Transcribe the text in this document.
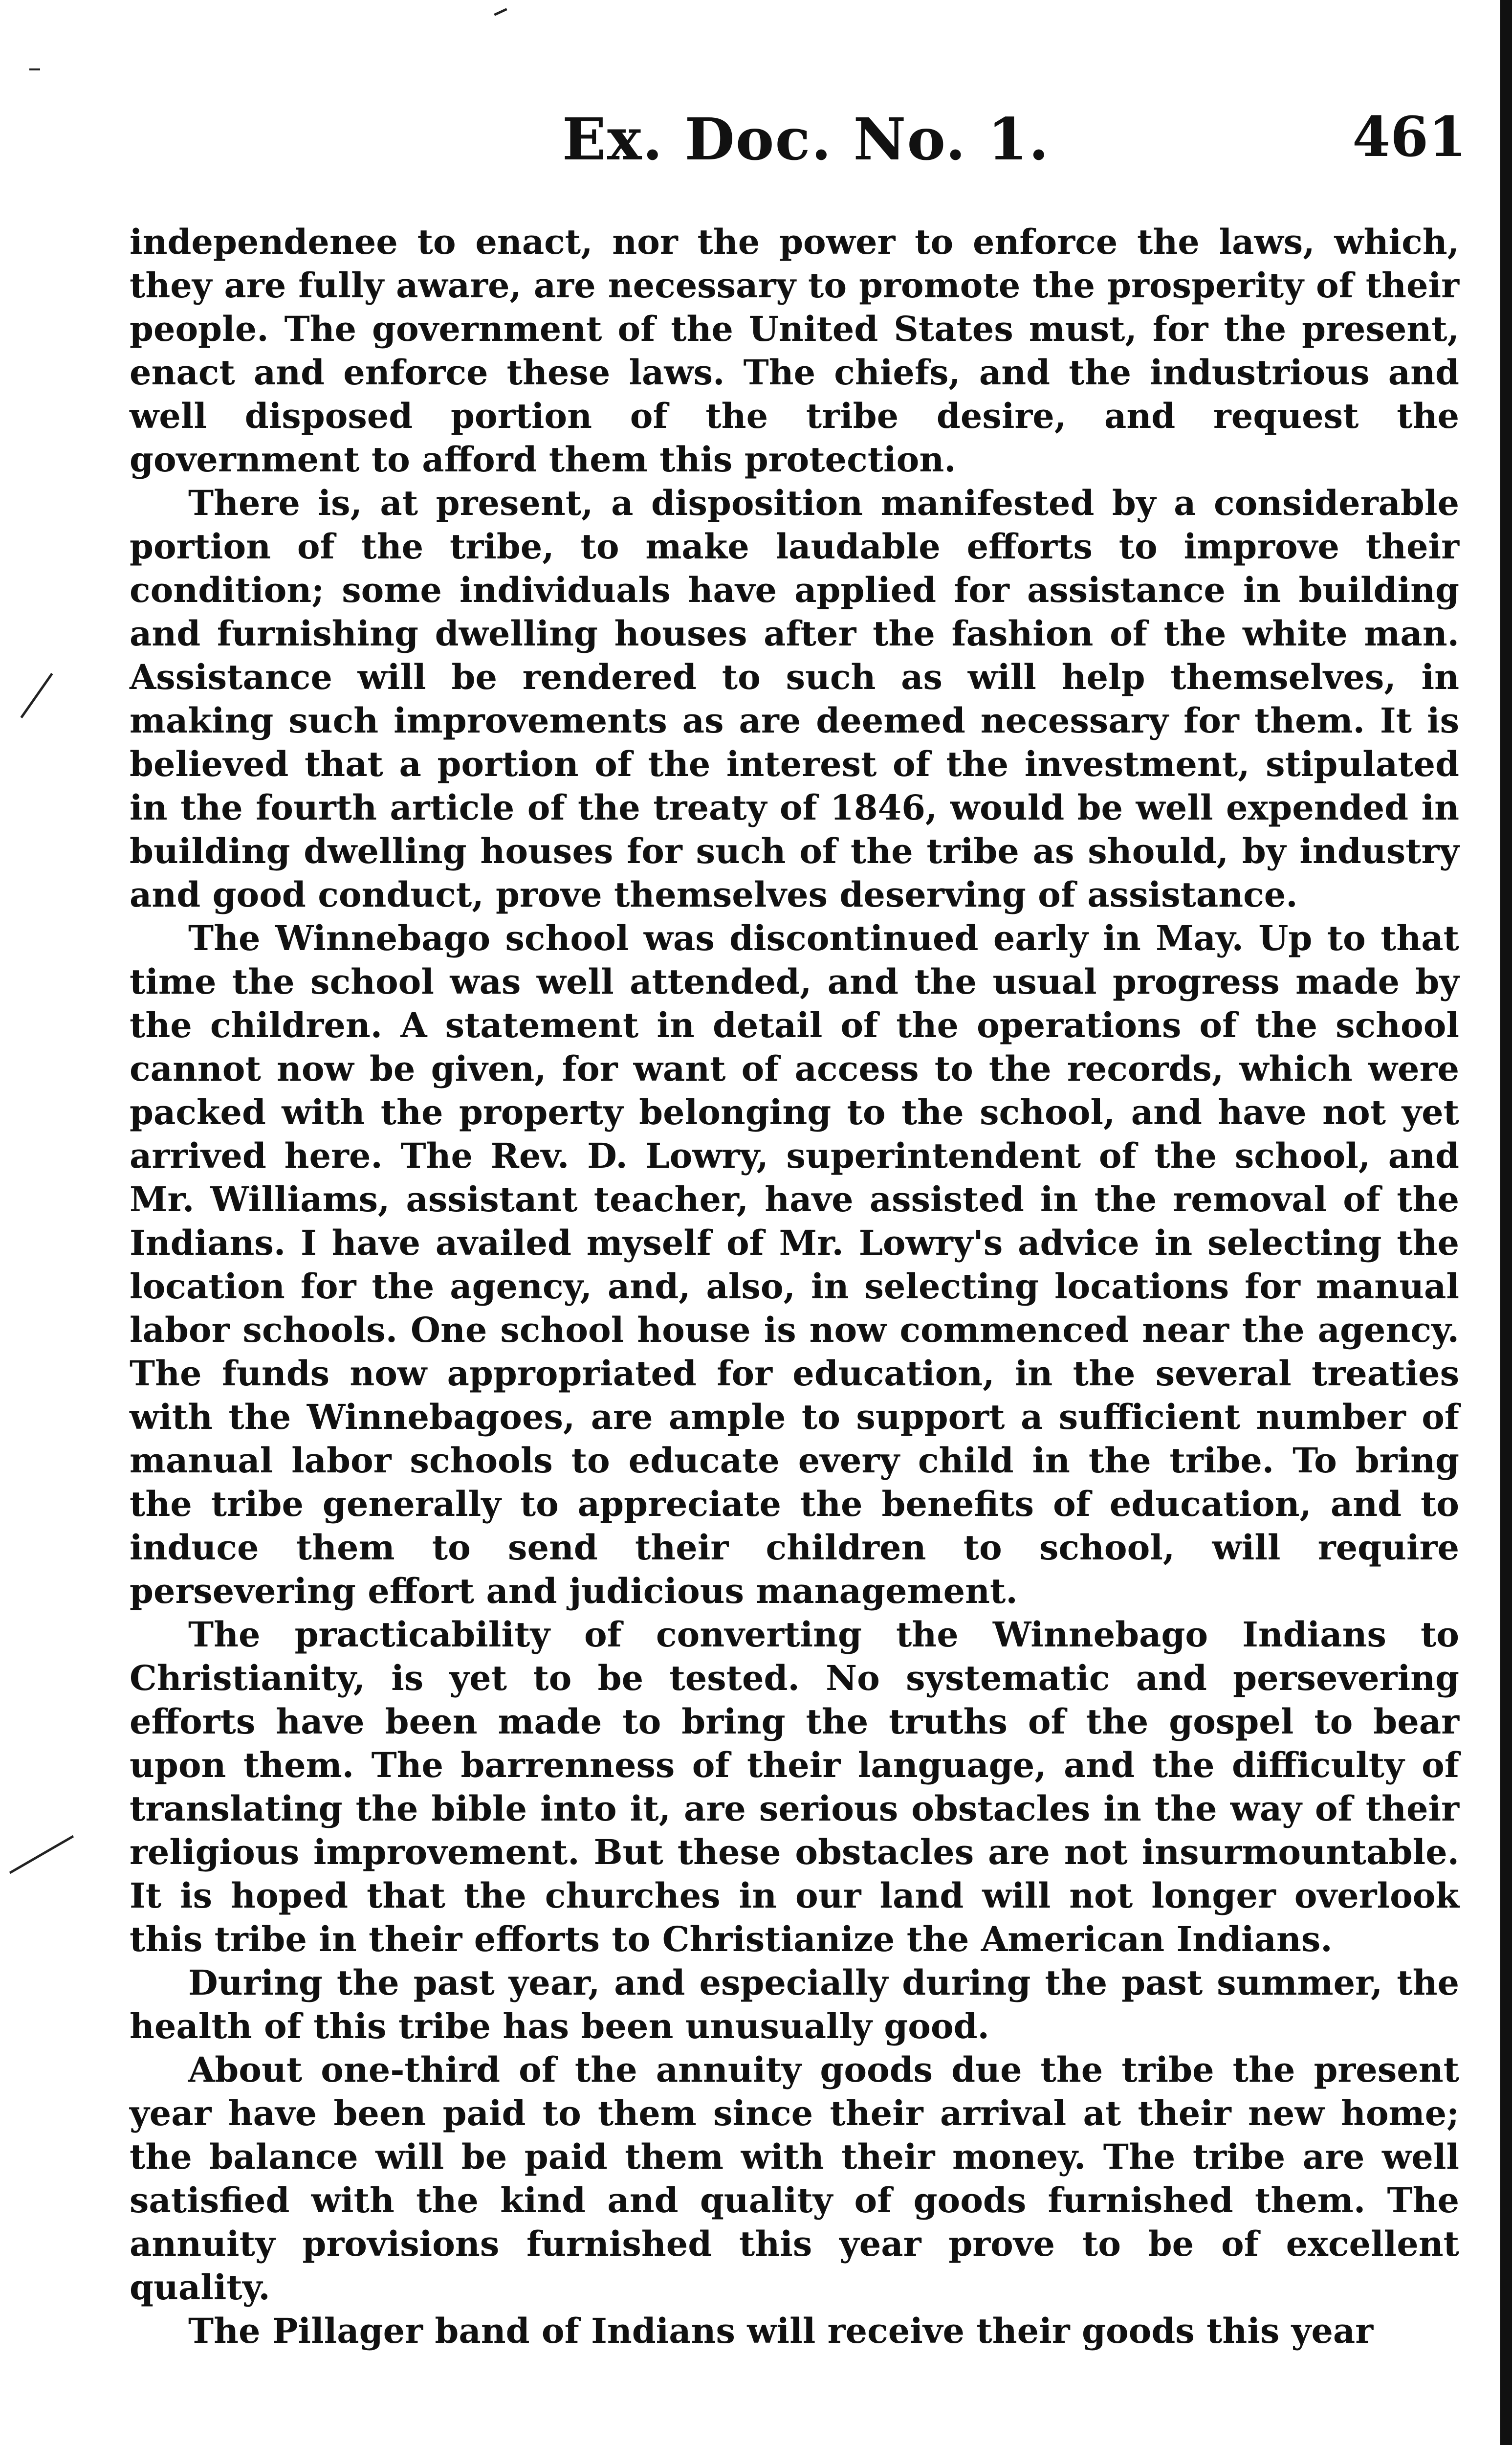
Ex. Doc. No. 1.	461

independenee to enact, nor the power to enforce the laws, which, they are fully aware, are necessary to promote the prosperity of their people. The government of the United States must, for the present, enact and enforce these laws. The chiefs, and the industrious and well disposed portion of the tribe desire, and request the government to afford them this protection.

There is, at present, a disposition manifested by a considerable portion of the tribe, to make laudable efforts to improve their condition; some individuals have applied for assistance in building and furnishing dwelling houses after the fashion of the white man. Assistance will be rendered to such as will help themselves, in making such improvements as are deemed necessary for them. It is believed that a portion of the interest of the investment, stipulated in the fourth article of the treaty of 1846, would be well expended in building dwelling houses for such of the tribe as should, by industry and good conduct, prove themselves deserving of assistance.

The Winnebago school was discontinued early in May. Up to that time the school was well attended, and the usual progress made by the children. A statement in detail of the operations of the school cannot now be given, for want of access to the records, which were packed with the property belonging to the school, and have not yet arrived here. The Rev. D. Lowry, superintendent of the school, and Mr. Williams, assistant teacher, have assisted in the removal of the Indians. I have availed myself of Mr. Lowry's advice in selecting the location for the agency, and, also, in selecting locations for manual labor schools. One school house is now commenced near the agency. The funds now appropriated for education, in the several treaties with the Winnebagoes, are ample to support a sufficient number of manual labor schools to educate every child in the tribe. To bring the tribe generally to appreciate the benefits of education, and to induce them to send their children to school, will require persevering effort and judicious management.

The practicability of converting the Winnebago Indians to Christianity, is yet to be tested. No systematic and persevering efforts have been made to bring the truths of the gospel to bear upon them. The barrenness of their language, and the difficulty of translating the bible into it, are serious obstacles in the way of their religious improvement. But these obstacles are not insurmountable. It is hoped that the churches in our land will not longer overlook this tribe in their efforts to Christianize the American Indians.

During the past year, and especially during the past summer, the health of this tribe has been unusually good.

About one-third of the annuity goods due the tribe the present year have been paid to them since their arrival at their new home; the balance will be paid them with their money. The tribe are well satisfied with the kind and quality of goods furnished them. The annuity provisions furnished this year prove to be of excellent quality.

The Pillager band of Indians will receive their goods this year
